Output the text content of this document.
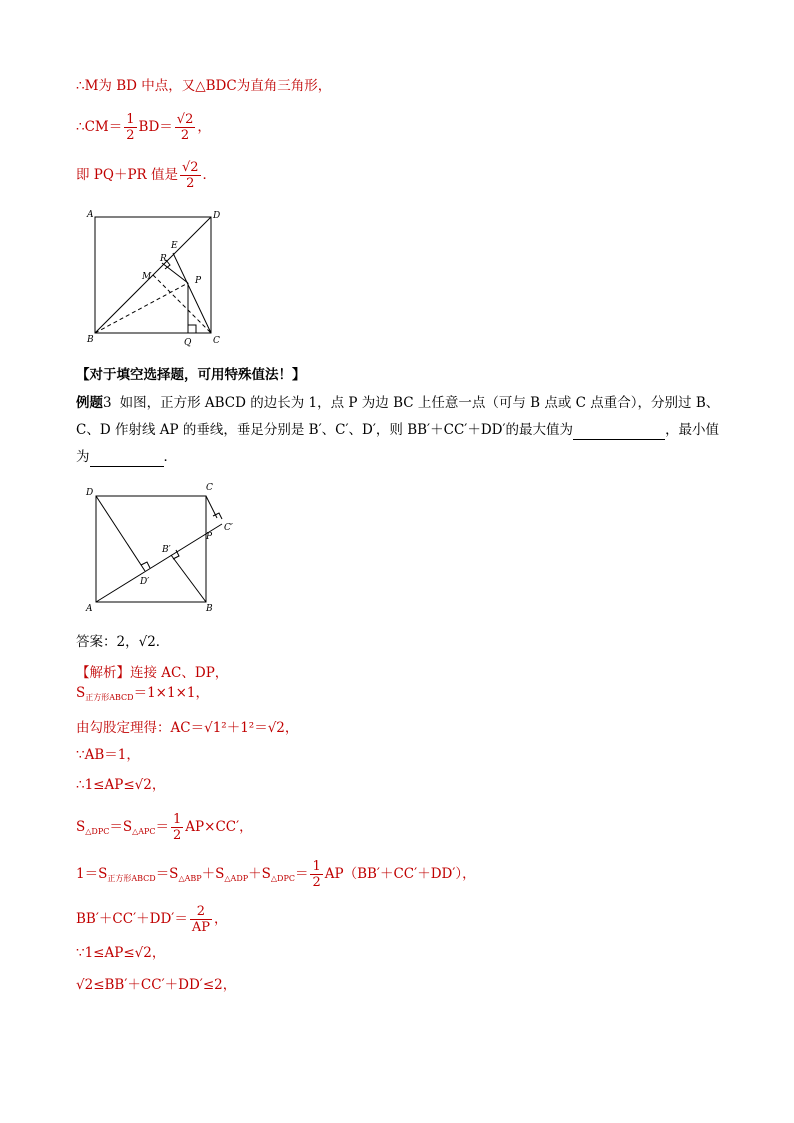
∴M为 BD 中点，又△BDC为直角三角形，
∴CM＝ $\frac{1}{2} BD= \frac{√2}{2}$ ，
即 PQ＋PR 值是 $\frac{√2}{2}$ ．
A	D
E
R
M	P
B	Q C
【对于填空选择题，可用特殊值法！】
例题3 如图，正方形 ABCD 的边长为 1，点 P 为边 BC 上任意一点（可与 B 点或 C 点重合），分别过 B、
C、D 作射线 AP 的垂线，垂足分别是 B′、C′、D′，则 BB′＋CC′＋DD′的最大值为	，最小值
为	．
D	C
C′
P
B′
D′
A	B
答案：2，√2．
【解析】连接 AC、DP，
$S_{正方形ABCD}=1\times 1\times 1$，
由勾股定理得：AC＝√1²＋1²＝√2，
∵AB＝1，
∴1≤AP≤√2，
$S_{\triangle DPC}=S_{\triangle APC}= \frac{1}{2} AP\times CC'$，
$1=S_{正方形ABCD}=S_{\triangle ABP}+S_{\triangle ADP}+S_{\triangle DPC}= \frac{1}{2} AP(BB'+CC'+DD')$，
$BB'+CC'+DD'= \frac{2}{AP}$ ，
∵1≤AP≤√2，
√2≤BB′＋CC′＋DD′≤2，
